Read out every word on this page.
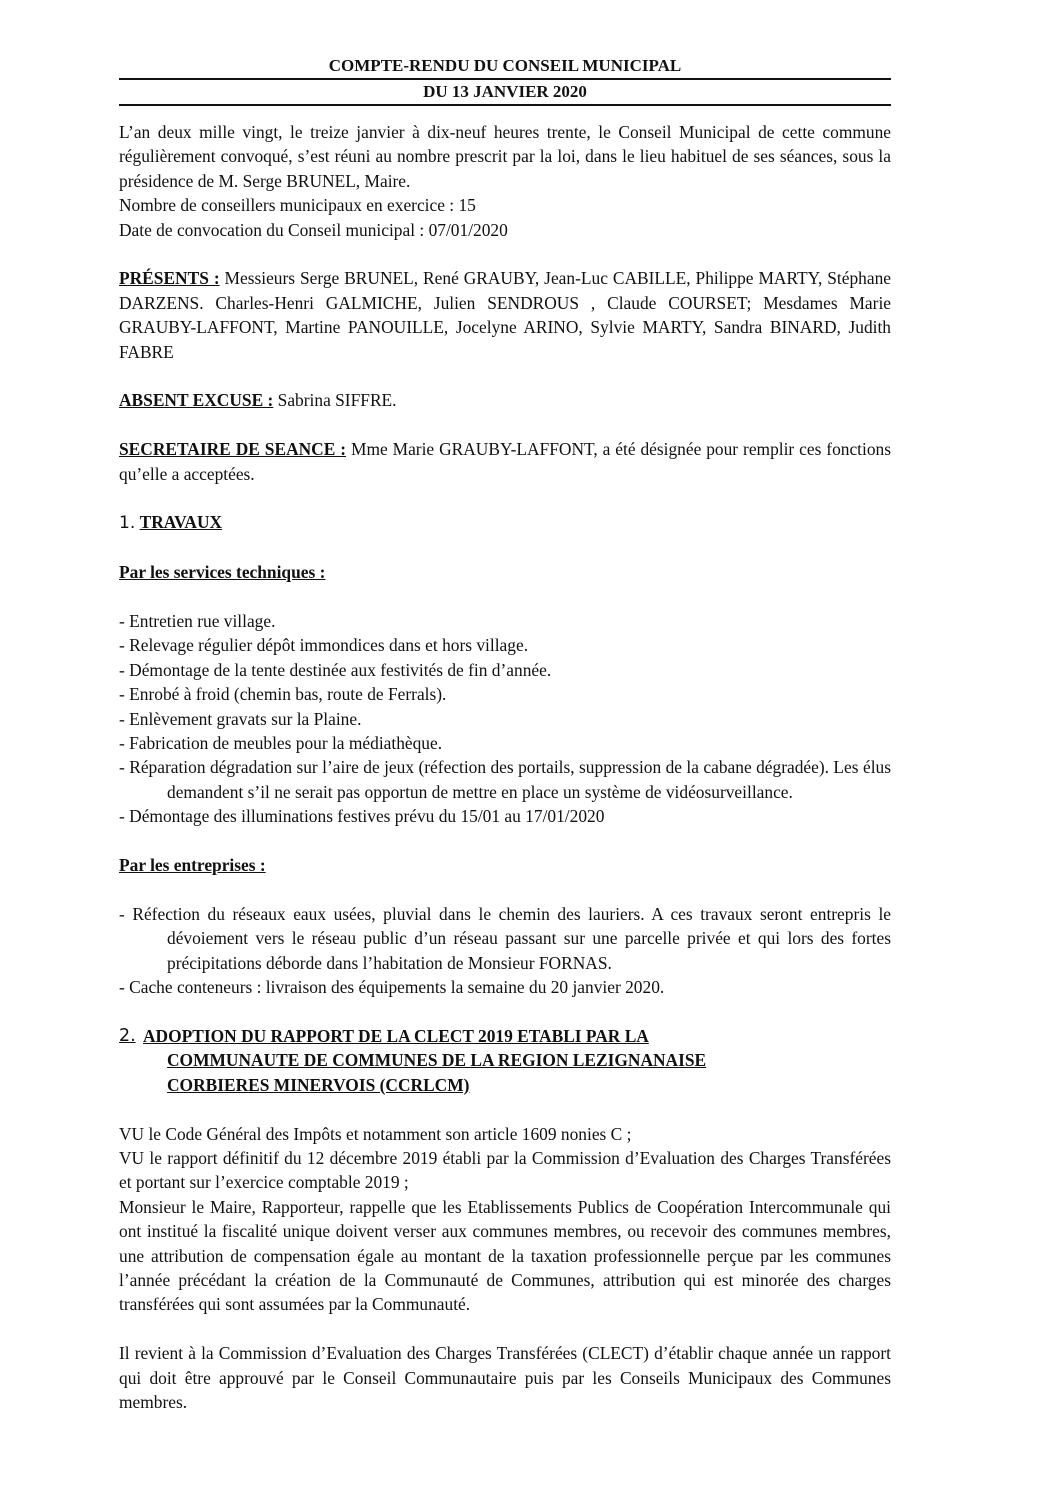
COMPTE-RENDU DU CONSEIL MUNICIPAL
DU 13 JANVIER 2020

L’an deux mille vingt, le treize janvier à dix-neuf heures trente, le Conseil Municipal de cette commune régulièrement convoqué, s’est réuni au nombre prescrit par la loi, dans le lieu habituel de ses séances, sous la présidence de M. Serge BRUNEL, Maire.

Nombre de conseillers municipaux en exercice : 15

Date de convocation du Conseil municipal : 07/01/2020

PRÉSENTS : Messieurs Serge BRUNEL, René GRAUBY, Jean-Luc CABILLE, Philippe MARTY, Stéphane DARZENS. Charles-Henri GALMICHE, Julien SENDROUS , Claude COURSET; Mesdames Marie GRAUBY-LAFFONT, Martine PANOUILLE, Jocelyne ARINO, Sylvie MARTY, Sandra BINARD, Judith FABRE

ABSENT EXCUSE : Sabrina SIFFRE.

SECRETAIRE DE SEANCE : Mme Marie GRAUBY-LAFFONT, a été désignée pour remplir ces fonctions qu’elle a acceptées.

1. TRAVAUX

Par les services techniques :

- Entretien rue village.
- Relevage régulier dépôt immondices dans et hors village.
- Démontage de la tente destinée aux festivités de fin d’année.
- Enrobé à froid (chemin bas, route de Ferrals).
- Enlèvement gravats sur la Plaine.
- Fabrication de meubles pour la médiathèque.
- Réparation dégradation sur l’aire de jeux (réfection des portails, suppression de la cabane dégradée). Les élus demandent s’il ne serait pas opportun de mettre en place un système de vidéosurveillance.
- Démontage des illuminations festives prévu du 15/01 au 17/01/2020

Par les entreprises :

- Réfection du réseaux eaux usées, pluvial dans le chemin des lauriers. A ces travaux seront entrepris le dévoiement vers le réseau public d’un réseau passant sur une parcelle privée et qui lors des fortes précipitations déborde dans l’habitation de Monsieur FORNAS.
- Cache conteneurs : livraison des équipements la semaine du 20 janvier 2020.
2. ADOPTION DU RAPPORT DE LA CLECT 2019 ETABLI PAR LA
COMMUNAUTE DE COMMUNES DE LA REGION LEZIGNANAISE
CORBIERES MINERVOIS (CCRLCM)

VU le Code Général des Impôts et notamment son article 1609 nonies C ;

VU le rapport définitif du 12 décembre 2019 établi par la Commission d’Evaluation des Charges Transférées et portant sur l’exercice comptable 2019 ;

Monsieur le Maire, Rapporteur, rappelle que les Etablissements Publics de Coopération Intercommunale qui ont institué la fiscalité unique doivent verser aux communes membres, ou recevoir des communes membres, une attribution de compensation égale au montant de la taxation professionnelle perçue par les communes l’année précédant la création de la Communauté de Communes, attribution qui est minorée des charges transférées qui sont assumées par la Communauté.

Il revient à la Commission d’Evaluation des Charges Transférées (CLECT) d’établir chaque année un rapport qui doit être approuvé par le Conseil Communautaire puis par les Conseils Municipaux des Communes membres.
